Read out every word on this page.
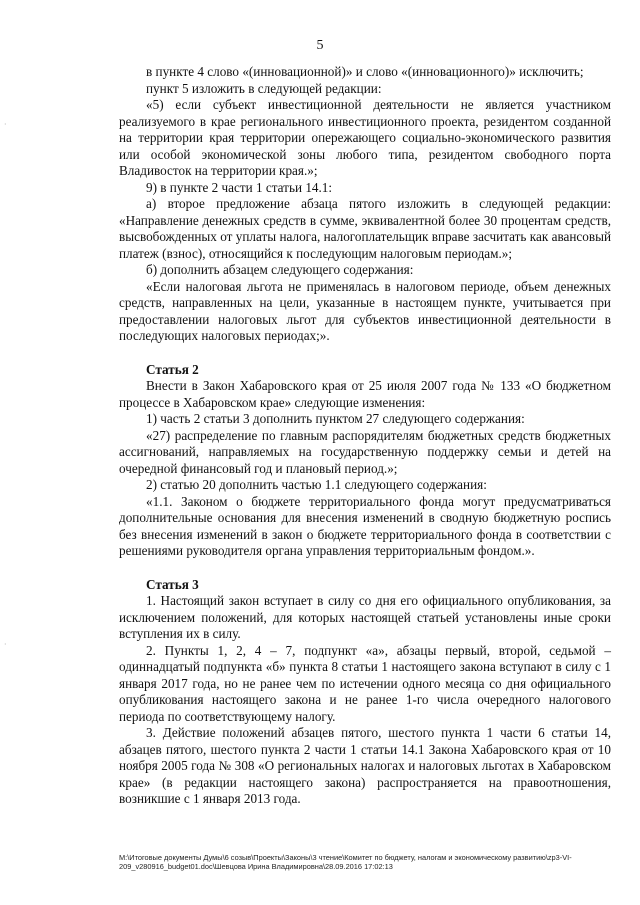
·
·
5

в пункте 4 слово «(инновационной)» и слово «(инновационного)» исключить;

пункт 5 изложить в следующей редакции:

«5) если субъект инвестиционной деятельности не является участником реализуемого в крае регионального инвестиционного проекта, резидентом созданной на территории края территории опережающего социально-экономического развития или особой экономической зоны любого типа, резидентом свободного порта Владивосток на территории края.»;

9) в пункте 2 части 1 статьи 14.1:

а) второе предложение абзаца пятого изложить в следующей редакции: «Направление денежных средств в сумме, эквивалентной более 30 процентам средств, высвобожденных от уплаты налога, налогоплательщик вправе засчитать как авансовый платеж (взнос), относящийся к последующим налоговым периодам.»;

б) дополнить абзацем следующего содержания:

«Если налоговая льгота не применялась в налоговом периоде, объем денежных средств, направленных на цели, указанные в настоящем пункте, учитывается при предоставлении налоговых льгот для субъектов инвестиционной деятельности в последующих налоговых периодах;».

Статья 2

Внести в Закон Хабаровского края от 25 июля 2007 года № 133 «О бюджетном процессе в Хабаровском крае» следующие изменения:

1) часть 2 статьи 3 дополнить пунктом 27 следующего содержания:

«27) распределение по главным распорядителям бюджетных средств бюджетных ассигнований, направляемых на государственную поддержку семьи и детей на очередной финансовый год и плановый период.»;

2) статью 20 дополнить частью 1.1 следующего содержания:

«1.1. Законом о бюджете территориального фонда могут предусматриваться дополнительные основания для внесения изменений в сводную бюджетную роспись без внесения изменений в закон о бюджете территориального фонда в соответствии с решениями руководителя органа управления территориальным фондом.».

Статья 3

1. Настоящий закон вступает в силу со дня его официального опубликования, за исключением положений, для которых настоящей статьей установлены иные сроки вступления их в силу.

2. Пункты 1, 2, 4 – 7, подпункт «а», абзацы первый, второй, седьмой – одиннадцатый подпункта «б» пункта 8 статьи 1 настоящего закона вступают в силу с 1 января 2017 года, но не ранее чем по истечении одного месяца со дня официального опубликования настоящего закона и не ранее 1-го числа очередного налогового периода по соответствующему налогу.

3. Действие положений абзацев пятого, шестого пункта 1 части 6 статьи 14, абзацев пятого, шестого пункта 2 части 1 статьи 14.1 Закона Хабаровского края от 10 ноября 2005 года № 308 «О региональных налогах и налоговых льготах в Хабаровском крае» (в редакции настоящего закона) распространяется на правоотношения, возникшие с 1 января 2013 года.

М:\Итоговые документы Думы\6 созыв\Проекты\Законы\3 чтение\Комитет по бюджету, налогам и экономическому развитию\zp3-VI-209_v280916_budget01.doc\Шевцова Ирина Владимировна\28.09.2016 17:02:13
